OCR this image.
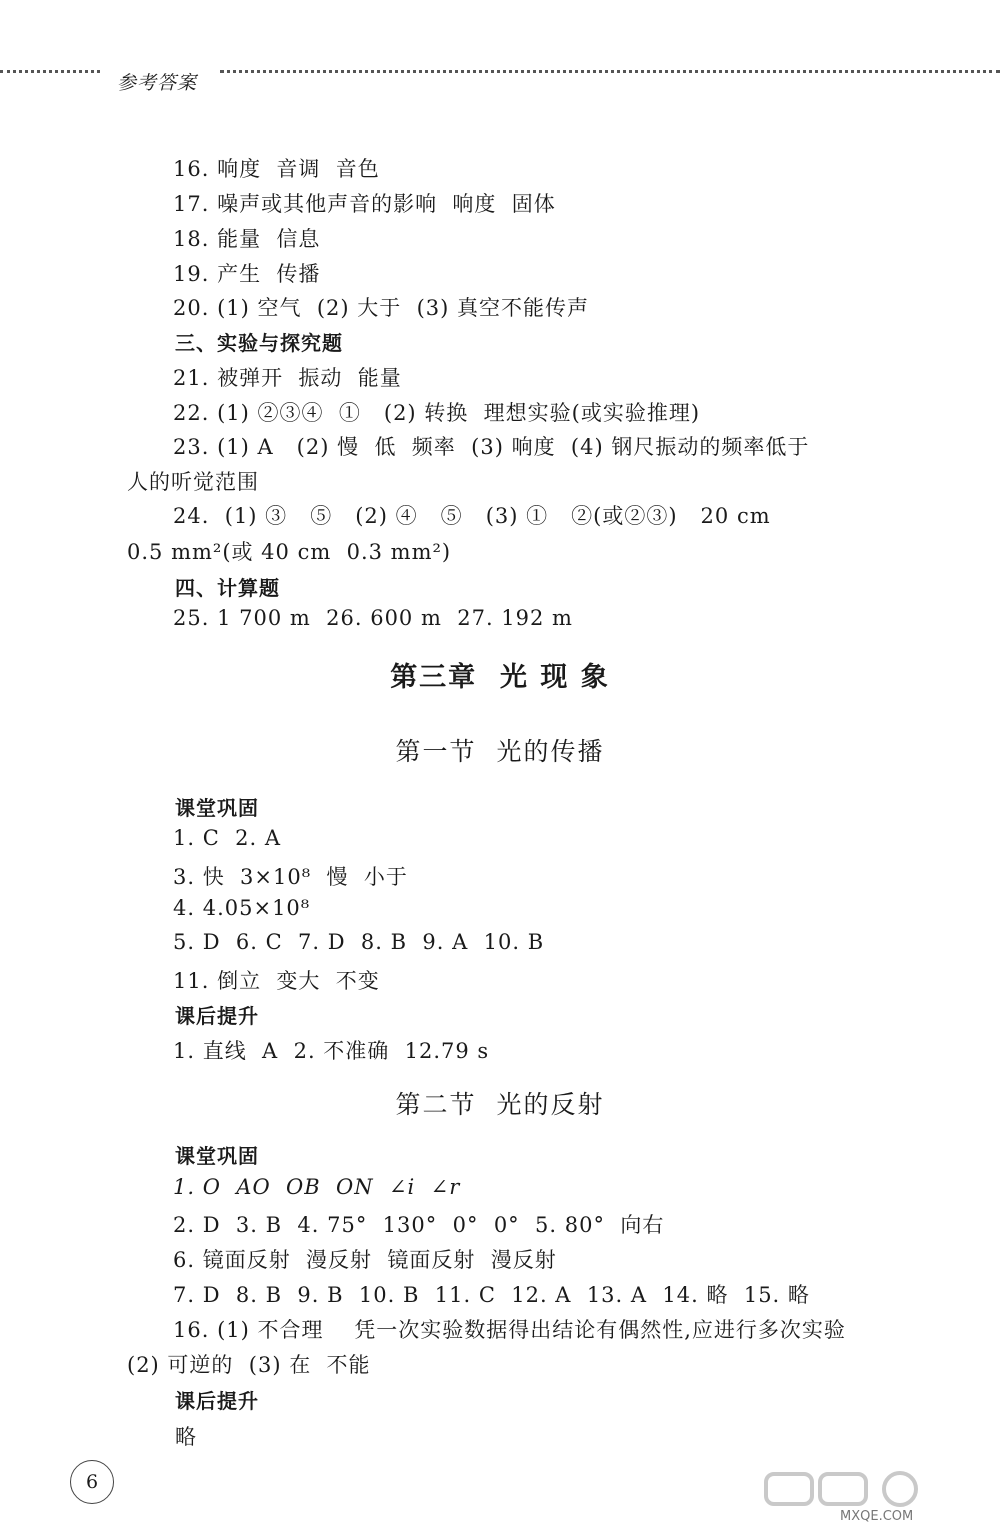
参考答案
16. 响度  音调  音色
17. 噪声或其他声音的影响  响度  固体
18. 能量  信息
19. 产生  传播
20. (1) 空气  (2) 大于  (3) 真空不能传声
三、实验与探究题
21. 被弹开  振动  能量
22. (1) ②③④  ①   (2) 转换  理想实验(或实验推理)
23. (1) A   (2) 慢  低  频率  (3) 响度  (4) 钢尺振动的频率低于
人的听觉范围
24.  (1) ③   ⑤   (2) ④   ⑤   (3) ①   ②(或②③)   20 cm
0.5 mm²(或 40 cm  0.3 mm²)
四、计算题
25. 1 700 m  26. 600 m  27. 192 m
第三章  光 现 象
第一节  光的传播
课堂巩固
1. C  2. A
3. 快  3×10⁸  慢  小于
4. 4.05×10⁸
5. D  6. C  7. D  8. B  9. A  10. B
11. 倒立  变大  不变
课后提升
1. 直线  A  2. 不准确  12.79 s
第二节  光的反射
课堂巩固
1. O  AO  OB  ON  ∠i  ∠r
2. D  3. B  4. 75°  130°  0°  0°  5. 80°  向右
6. 镜面反射  漫反射  镜面反射  漫反射
7. D  8. B  9. B  10. B  11. C  12. A  13. A  14. 略  15. 略
16. (1) 不合理    凭一次实验数据得出结论有偶然性,应进行多次实验
(2) 可逆的  (3) 在  不能
课后提升
略
6
MXQE.COM
